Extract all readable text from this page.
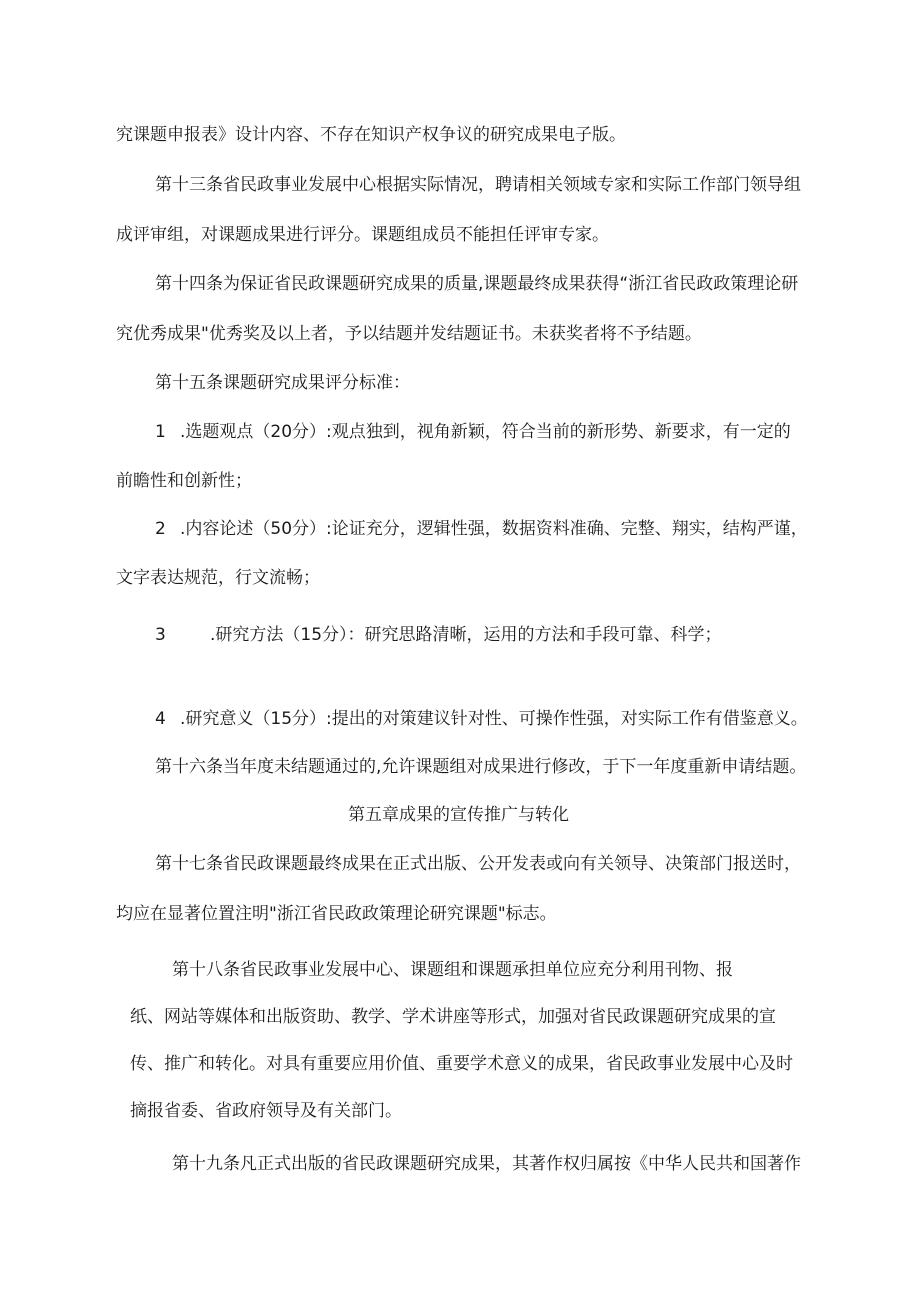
究课题申报表》设计内容、不存在知识产权争议的研究成果电子版。
第十三条省民政事业发展中心根据实际情况，聘请相关领域专家和实际工作部门领导组
成评审组，对课题成果进行评分。课题组成员不能担任评审专家。
第十四条为保证省民政课题研究成果的质量,课题最终成果获得“浙江省民政政策理论研
究优秀成果"优秀奖及以上者，予以结题并发结题证书。未获奖者将不予结题。
第十五条课题研究成果评分标准：
1 .选题观点（20分）:观点独到，视角新颖，符合当前的新形势、新要求，有一定的
前瞻性和创新性；
2 .内容论述（50分）:论证充分，逻辑性强，数据资料准确、完整、翔实，结构严谨，
文字表达规范，行文流畅；
3	.研究方法（15分）：研究思路清晰，运用的方法和手段可靠、科学；
4 .研究意义（15分）:提出的对策建议针对性、可操作性强，对实际工作有借鉴意义。
第十六条当年度未结题通过的,允许课题组对成果进行修改，于下一年度重新申请结题。
第五章成果的宣传推广与转化
第十七条省民政课题最终成果在正式出版、公开发表或向有关领导、决策部门报送时，
均应在显著位置注明"浙江省民政政策理论研究课题"标志。
第十八条省民政事业发展中心、课题组和课题承担单位应充分利用刊物、报
纸、网站等媒体和出版资助、教学、学术讲座等形式，加强对省民政课题研究成果的宣
传、推广和转化。对具有重要应用价值、重要学术意义的成果，省民政事业发展中心及时
摘报省委、省政府领导及有关部门。
第十九条凡正式出版的省民政课题研究成果，其著作权归属按《中华人民共和国著作
